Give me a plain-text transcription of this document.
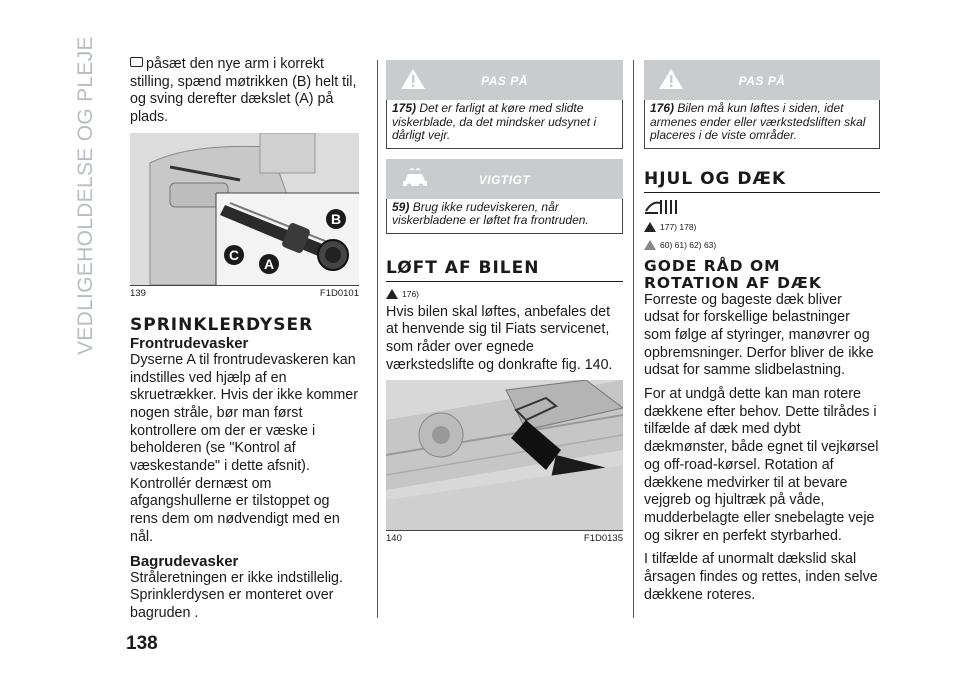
VEDLIGEHOLDELSE OG PLEJE
138

påsæt den nye arm i korrekt stilling, spænd møtrikken (B) helt til, og sving derefter dækslet (A) på plads.

B
C
A
139	F1D0101
SPRINKLERDYSER
Frontrudevasker

Dyserne A til frontrudevaskeren kan indstilles ved hjælp af en skruetrækker. Hvis der ikke kommer nogen stråle, bør man først kontrollere om der er væske i beholderen (se "Kontrol af væskestande" i dette afsnit). Kontrollér dernæst om afgangshullerne er tilstoppet og rens dem om nødvendigt med en nål.

Bagrudevasker

Stråleretningen er ikke indstillelig. Sprinklerdysen er monteret over bagruden .

PAS PÅ
175) Det er farligt at køre med slidte viskerblade, da det mindsker udsynet i dårligt vejr.
VIGTIGT
59) Brug ikke rudeviskeren, når viskerbladene er løftet fra frontruden.
LØFT AF BILEN
176)

Hvis bilen skal løftes, anbefales det at henvende sig til Fiats servicenet, som råder over egnede værkstedslifte og donkrafte fig. 140.

140	F1D0135
PAS PÅ
176) Bilen må kun løftes i siden, idet armenes ender eller værkstedsliften skal placeres i de viste områder.
HJUL OG DÆK
177) 178)
60) 61) 62) 63)
GODE RÅD OM ROTATION AF DÆK

Forreste og bageste dæk bliver udsat for forskellige belastninger som følge af styringer, manøvrer og opbremsninger. Derfor bliver de ikke udsat for samme slidbelastning.

For at undgå dette kan man rotere dækkene efter behov. Dette tilrådes i tilfælde af dæk med dybt dækmønster, både egnet til vejkørsel og off-road-kørsel. Rotation af dækkene medvirker til at bevare vejgreb og hjultræk på våde, mudderbelagte eller snebelagte veje og sikrer en perfekt styrbarhed.

I tilfælde af unormalt dækslid skal årsagen findes og rettes, inden selve dækkene roteres.
